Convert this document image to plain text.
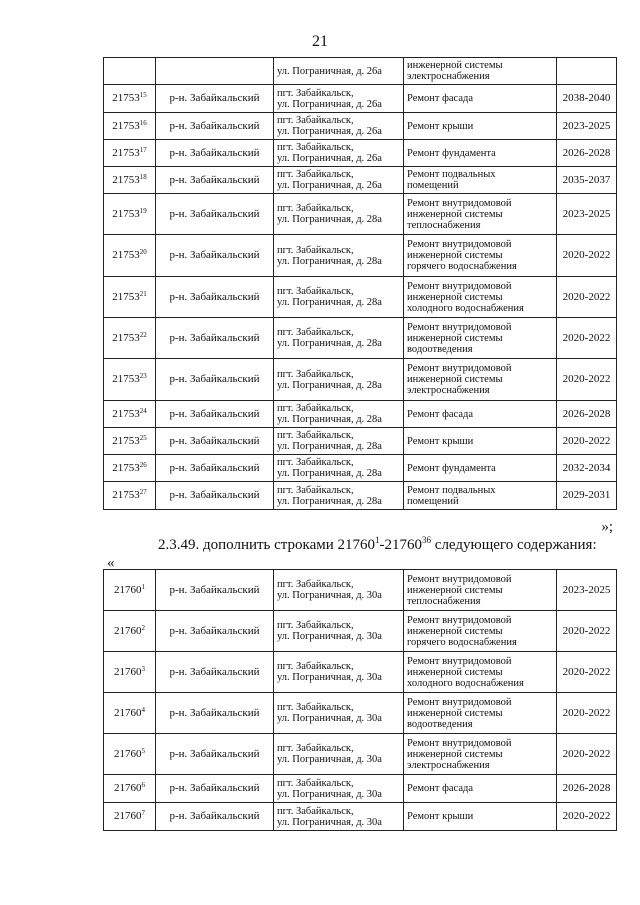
21

		ул. Пограничная, д. 26а	инженерной системы
электроснабжения	

21753$^{15}$	р-н. Забайкальский	пгт. Забайкальск,
ул. Пограничная, д. 26а	Ремонт фасада	2038-2040
21753$^{16}$	р-н. Забайкальский	пгт. Забайкальск,
ул. Пограничная, д. 26а	Ремонт крыши	2023-2025
21753$^{17}$	р-н. Забайкальский	пгт. Забайкальск,
ул. Пограничная, д. 26а	Ремонт фундамента	2026-2028
21753$^{18}$	р-н. Забайкальский	пгт. Забайкальск,
ул. Пограничная, д. 26а	Ремонт подвальных
помещений	2035-2037
21753$^{19}$	р-н. Забайкальский	пгт. Забайкальск,
ул. Пограничная, д. 28а	Ремонт внутридомовой
инженерной системы
теплоснабжения	2023-2025
21753$^{20}$	р-н. Забайкальский	пгт. Забайкальск,
ул. Пограничная, д. 28а	Ремонт внутридомовой
инженерной системы
горячего водоснабжения	2020-2022
21753$^{21}$	р-н. Забайкальский	пгт. Забайкальск,
ул. Пограничная, д. 28а	Ремонт внутридомовой
инженерной системы
холодного водоснабжения	2020-2022
21753$^{22}$	р-н. Забайкальский	пгт. Забайкальск,
ул. Пограничная, д. 28а	Ремонт внутридомовой
инженерной системы
водоотведения	2020-2022
21753$^{23}$	р-н. Забайкальский	пгт. Забайкальск,
ул. Пограничная, д. 28а	Ремонт внутридомовой
инженерной системы
электроснабжения	2020-2022
21753$^{24}$	р-н. Забайкальский	пгт. Забайкальск,
ул. Пограничная, д. 28а	Ремонт фасада	2026-2028
21753$^{25}$	р-н. Забайкальский	пгт. Забайкальск,
ул. Пограничная, д. 28а	Ремонт крыши	2020-2022
21753$^{26}$	р-н. Забайкальский	пгт. Забайкальск,
ул. Пограничная, д. 28а	Ремонт фундамента	2032-2034
21753$^{27}$	р-н. Забайкальский	пгт. Забайкальск,
ул. Пограничная, д. 28а	Ремонт подвальных
помещений	2029-2031
»;
2.3.49. дополнить строками 21760$^1$-21760$^{36}$ следующего содержания:
«
21760$^1$	р-н. Забайкальский	пгт. Забайкальск,
ул. Пограничная, д. 30а	Ремонт внутридомовой
инженерной системы
теплоснабжения	2023-2025
21760$^2$	р-н. Забайкальский	пгт. Забайкальск,
ул. Пограничная, д. 30а	Ремонт внутридомовой
инженерной системы
горячего водоснабжения	2020-2022
21760$^3$	р-н. Забайкальский	пгт. Забайкальск,
ул. Пограничная, д. 30а	Ремонт внутридомовой
инженерной системы
холодного водоснабжения	2020-2022
21760$^4$	р-н. Забайкальский	пгт. Забайкальск,
ул. Пограничная, д. 30а	Ремонт внутридомовой
инженерной системы
водоотведения	2020-2022
21760$^5$	р-н. Забайкальский	пгт. Забайкальск,
ул. Пограничная, д. 30а	Ремонт внутридомовой
инженерной системы
электроснабжения	2020-2022
21760$^6$	р-н. Забайкальский	пгт. Забайкальск,
ул. Пограничная, д. 30а	Ремонт фасада	2026-2028
21760$^7$	р-н. Забайкальский	пгт. Забайкальск,
ул. Пограничная, д. 30а	Ремонт крыши	2020-2022
